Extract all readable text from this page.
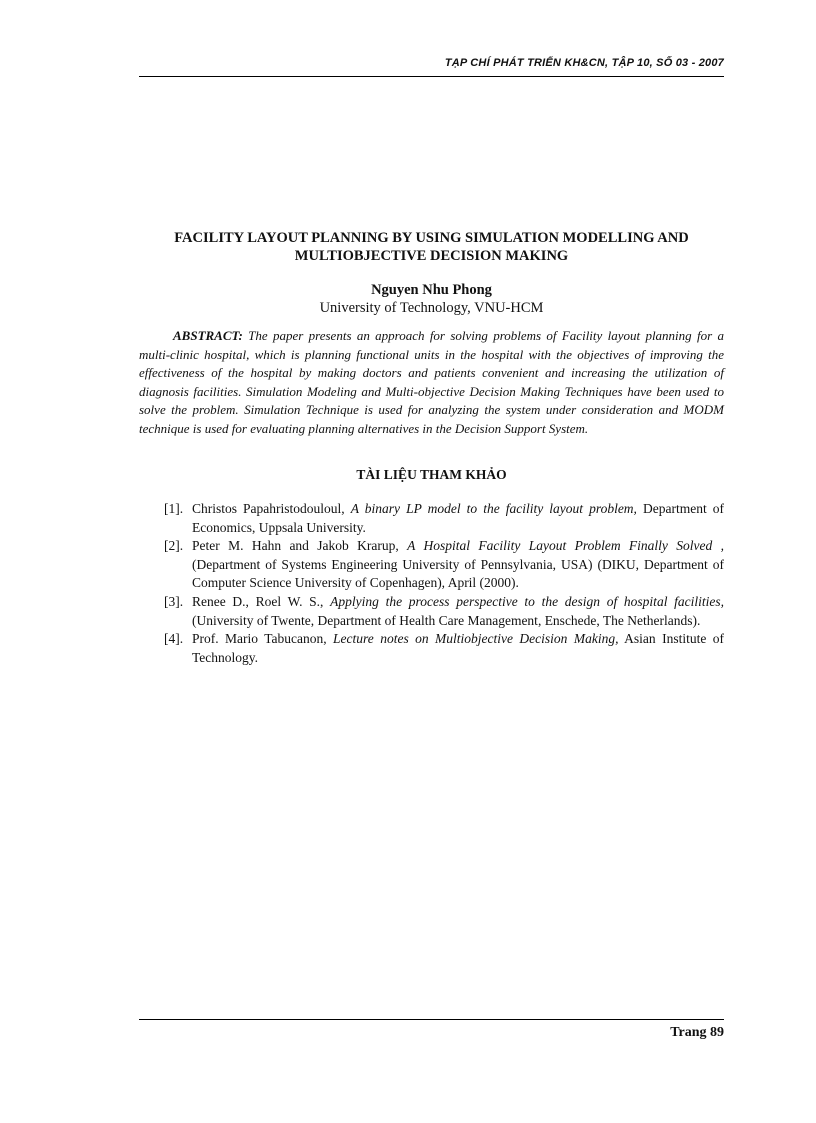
TẠP CHÍ PHÁT TRIỂN KH&CN, TẬP 10, SỐ 03 - 2007
FACILITY LAYOUT PLANNING BY USING SIMULATION MODELLING AND
MULTIOBJECTIVE DECISION MAKING
Nguyen Nhu Phong
University of Technology, VNU-HCM

ABSTRACT: The paper presents an approach for solving problems of Facility layout planning for a multi-clinic hospital, which is planning functional units in the hospital with the objectives of improving the effectiveness of the hospital by making doctors and patients convenient and increasing the utilization of diagnosis facilities. Simulation Modeling and Multi-objective Decision Making Techniques have been used to solve the problem. Simulation Technique is used for analyzing the system under consideration and MODM technique is used for evaluating planning alternatives in the Decision Support System.

TÀI LIỆU THAM KHẢO
[1]. Christos Papahristodouloul, A binary LP model to the facility layout problem, Department of Economics, Uppsala University.
[2]. Peter M. Hahn and Jakob Krarup, A Hospital Facility Layout Problem Finally Solved , (Department of Systems Engineering University of Pennsylvania, USA) (DIKU, Department of Computer Science University of Copenhagen), April (2000).
[3]. Renee D., Roel W. S., Applying the process perspective to the design of hospital facilities, (University of Twente, Department of Health Care Management, Enschede, The Netherlands).
[4]. Prof. Mario Tabucanon, Lecture notes on Multiobjective Decision Making, Asian Institute of Technology.
Trang 89
